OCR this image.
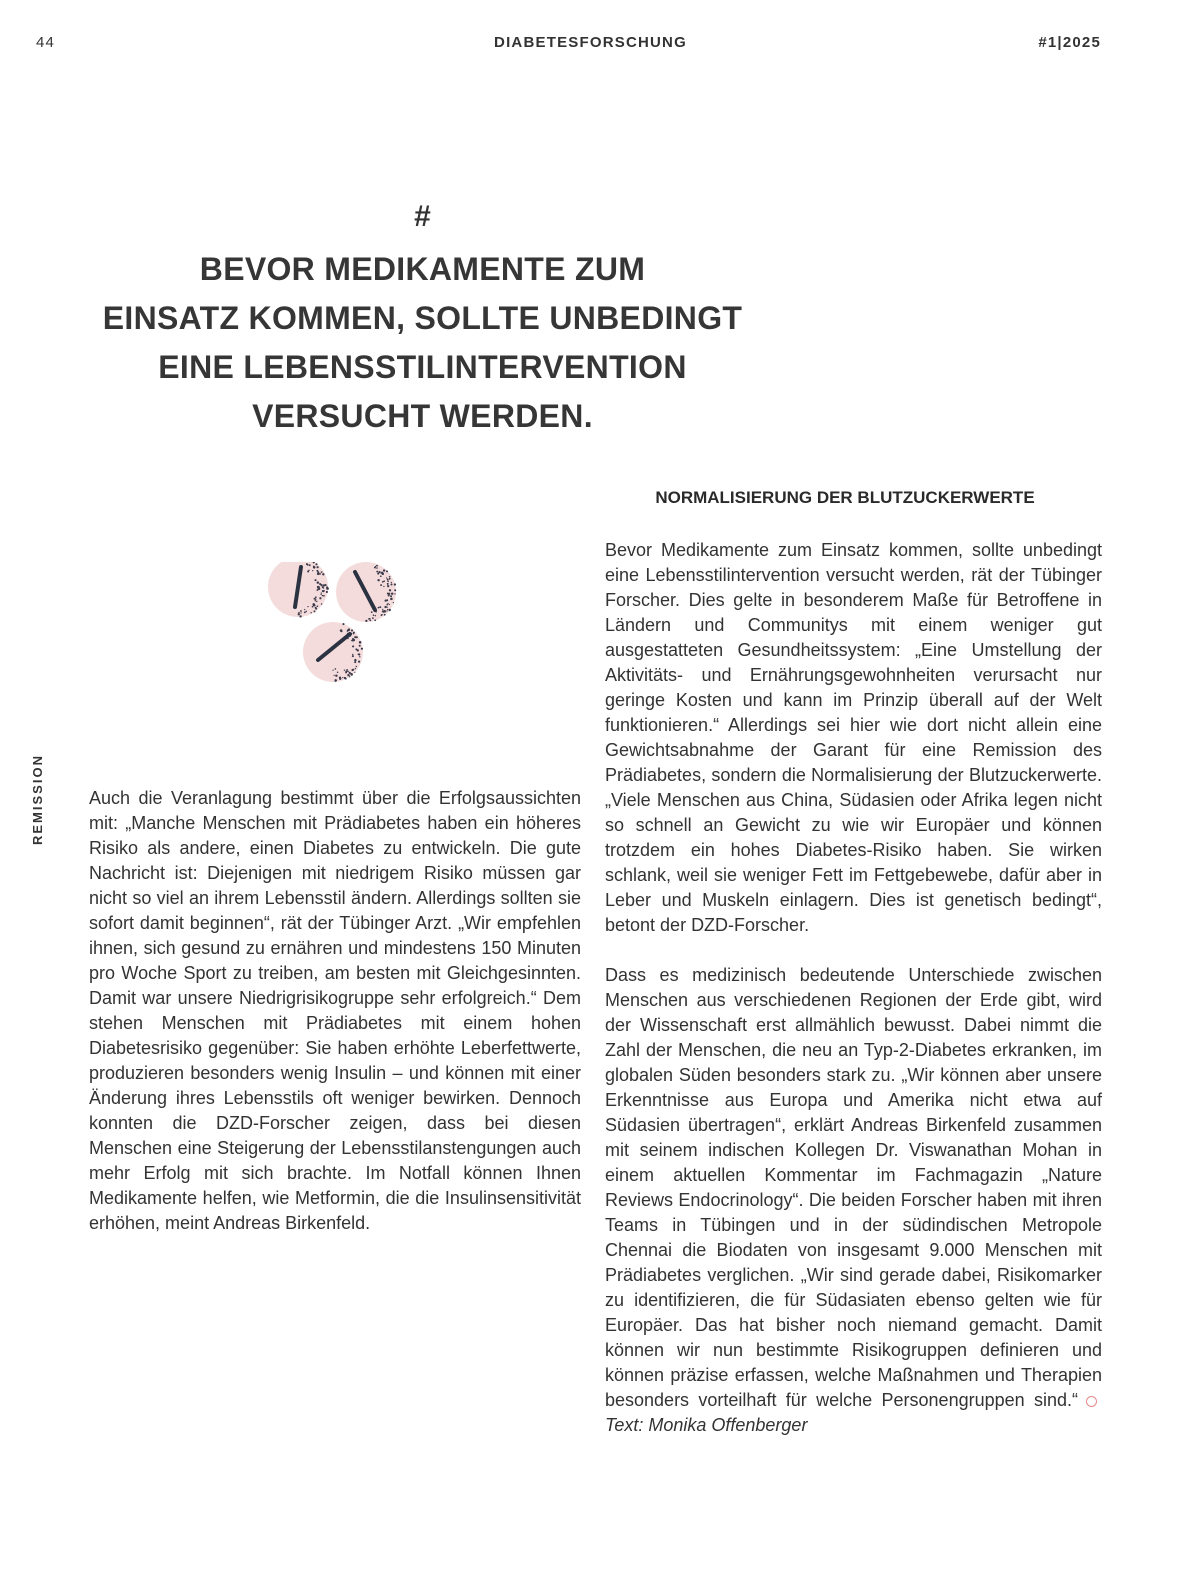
44	DIABETESFORSCHUNG	#1|2025
REMISSION
#
BEVOR MEDIKAMENTE ZUM
EINSATZ KOMMEN, SOLLTE UNBEDINGT
EINE LEBENSSTILINTERVENTION
VERSUCHT WERDEN.

Auch die Veranlagung bestimmt über die Erfolgsaussichten mit: „Manche Menschen mit Prädiabetes haben ein höheres Risiko als andere, einen Diabetes zu entwickeln. Die gute Nachricht ist: Diejenigen mit niedrigem Risiko müssen gar nicht so viel an ihrem Lebensstil ändern. Allerdings sollten sie sofort damit beginnen“, rät der Tübinger Arzt. „Wir empfehlen ihnen, sich gesund zu ernähren und mindestens 150 Minuten pro Woche Sport zu treiben, am besten mit Gleichgesinnten. Damit war unsere Niedrigrisikogruppe sehr erfolgreich.“ Dem stehen Menschen mit Prädiabetes mit einem hohen Diabetesrisiko gegenüber: Sie haben erhöhte Leberfettwerte, produzieren besonders wenig Insulin – und können mit einer Änderung ihres Lebensstils oft weniger bewirken. Dennoch konnten die DZD-Forscher zeigen, dass bei diesen Menschen eine Steigerung der Lebensstilanstengungen auch mehr Erfolg mit sich brachte. Im Notfall können Ihnen Medikamente helfen, wie Metformin, die die Insulinsensitivität erhöhen, meint Andreas Birkenfeld.

NORMALISIERUNG DER BLUTZUCKERWERTE

Bevor Medikamente zum Einsatz kommen, sollte unbedingt eine Lebensstilintervention versucht werden, rät der Tübinger Forscher. Dies gelte in besonderem Maße für Betroffene in Ländern und Communitys mit einem weniger gut ausgestatteten Gesundheitssystem: „Eine Umstellung der Aktivitäts- und Ernährungsgewohnheiten verursacht nur geringe Kosten und kann im Prinzip überall auf der Welt funktionieren.“ Allerdings sei hier wie dort nicht allein eine Gewichtsabnahme der Garant für eine Remission des Prädiabetes, sondern die Normalisierung der Blutzuckerwerte. „Viele Menschen aus China, Südasien oder Afrika legen nicht so schnell an Gewicht zu wie wir Europäer und können trotzdem ein hohes Diabetes-Risiko haben. Sie wirken schlank, weil sie weniger Fett im Fettgebewebe, dafür aber in Leber und Muskeln einlagern. Dies ist genetisch bedingt“, betont der DZD-Forscher.

Dass es medizinisch bedeutende Unterschiede zwischen Menschen aus verschiedenen Regionen der Erde gibt, wird der Wissenschaft erst allmählich bewusst. Dabei nimmt die Zahl der Menschen, die neu an Typ-2-Diabetes erkranken, im globalen Süden besonders stark zu. „Wir können aber unsere Erkenntnisse aus Europa und Amerika nicht etwa auf Südasien übertragen“, erklärt Andreas Birkenfeld zusammen mit seinem indischen Kollegen Dr. Viswanathan Mohan in einem aktuellen Kommentar im Fachmagazin „Nature Reviews Endocrinology“. Die beiden Forscher haben mit ihren Teams in Tübingen und in der südindischen Metropole Chennai die Biodaten von insgesamt 9.000 Menschen mit Prädiabetes verglichen. „Wir sind gerade dabei, Risikomarker zu identifizieren, die für Südasiaten ebenso gelten wie für Europäer. Das hat bisher noch niemand gemacht. Damit können wir nun bestimmte Risikogruppen definieren und können präzise erfassen, welche Maßnahmen und Therapien besonders vorteilhaft für welche Personengruppen sind.“Text: Monika Offenberger
